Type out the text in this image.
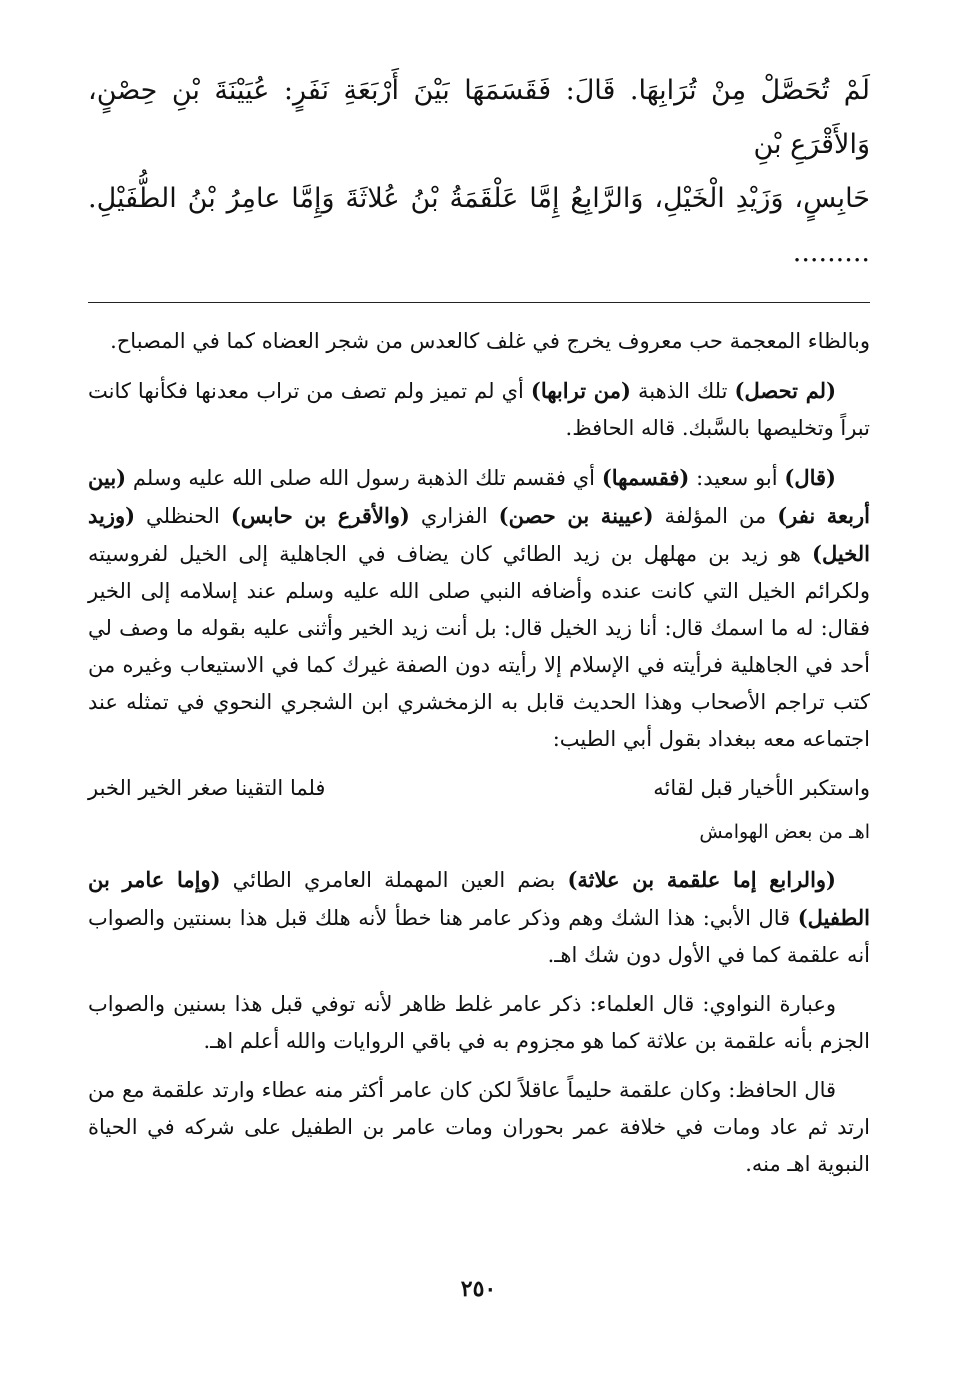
لَمْ تُحَصَّلْ مِنْ تُرَابِهَا. قَالَ: فَقَسَمَهَا بَيْنَ أَرْبَعَةِ نَفَرٍ: عُيَيْنَةَ بْنِ حِصْنٍ، وَالأَقْرَعِ بْنِ

حَابِسٍ، وَزَيْدِ الْخَيْلِ، وَالرَّابِعُ إِمَّا عَلْقَمَةُ بْنُ عُلاثَةَ وَإِمَّا عامِرُ بْنُ الطُّفَيْلِ. .........

وبالظاء المعجمة حب معروف يخرج في غلف كالعدس من شجر العضاه كما في المصباح.

(لم تحصل) تلك الذهبة (من ترابها) أي لم تميز ولم تصف من تراب معدنها فكأنها كانت تبراً وتخليصها بالسَّبك. قاله الحافظ.

(قال) أبو سعيد: (فقسمها) أي فقسم تلك الذهبة رسول الله صلى الله عليه وسلم (بين أربعة نفر) من المؤلفة (عيينة بن حصن) الفزاري (والأقرع بن حابس) الحنظلي (وزيد الخيل) هو زيد بن مهلهل بن زيد الطائي كان يضاف في الجاهلية إلى الخيل لفروسيته ولكرائم الخيل التي كانت عنده وأضافه النبي صلى الله عليه وسلم عند إسلامه إلى الخير فقال: له ما اسمك قال: أنا زيد الخيل قال: بل أنت زيد الخير وأثنى عليه بقوله ما وصف لي أحد في الجاهلية فرأيته في الإسلام إلا رأيته دون الصفة غيرك كما في الاستيعاب وغيره من كتب تراجم الأصحاب وهذا الحديث قابل به الزمخشري ابن الشجري النحوي في تمثله عند اجتماعه معه ببغداد بقول أبي الطيب:

واستكبر الأخيار قبل لقائه
فلما التقينا صغر الخير الخبر

اهـ من بعض الهوامش

(والرابع إما علقمة بن علاثة) بضم العين المهملة العامري الطائي (وإما عامر بن الطفيل) قال الأبي: هذا الشك وهم وذكر عامر هنا خطأ لأنه هلك قبل هذا بسنتين والصواب أنه علقمة كما في الأول دون شك اهـ.

وعبارة النواوي: قال العلماء: ذكر عامر غلط ظاهر لأنه توفي قبل هذا بسنين والصواب الجزم بأنه علقمة بن علاثة كما هو مجزوم به في باقي الروايات والله أعلم اهـ.

قال الحافظ: وكان علقمة حليماً عاقلاً لكن كان عامر أكثر منه عطاء وارتد علقمة مع من ارتد ثم عاد ومات في خلافة عمر بحوران ومات عامر بن الطفيل على شركه في الحياة النبوية اهـ منه.

٢٥٠
